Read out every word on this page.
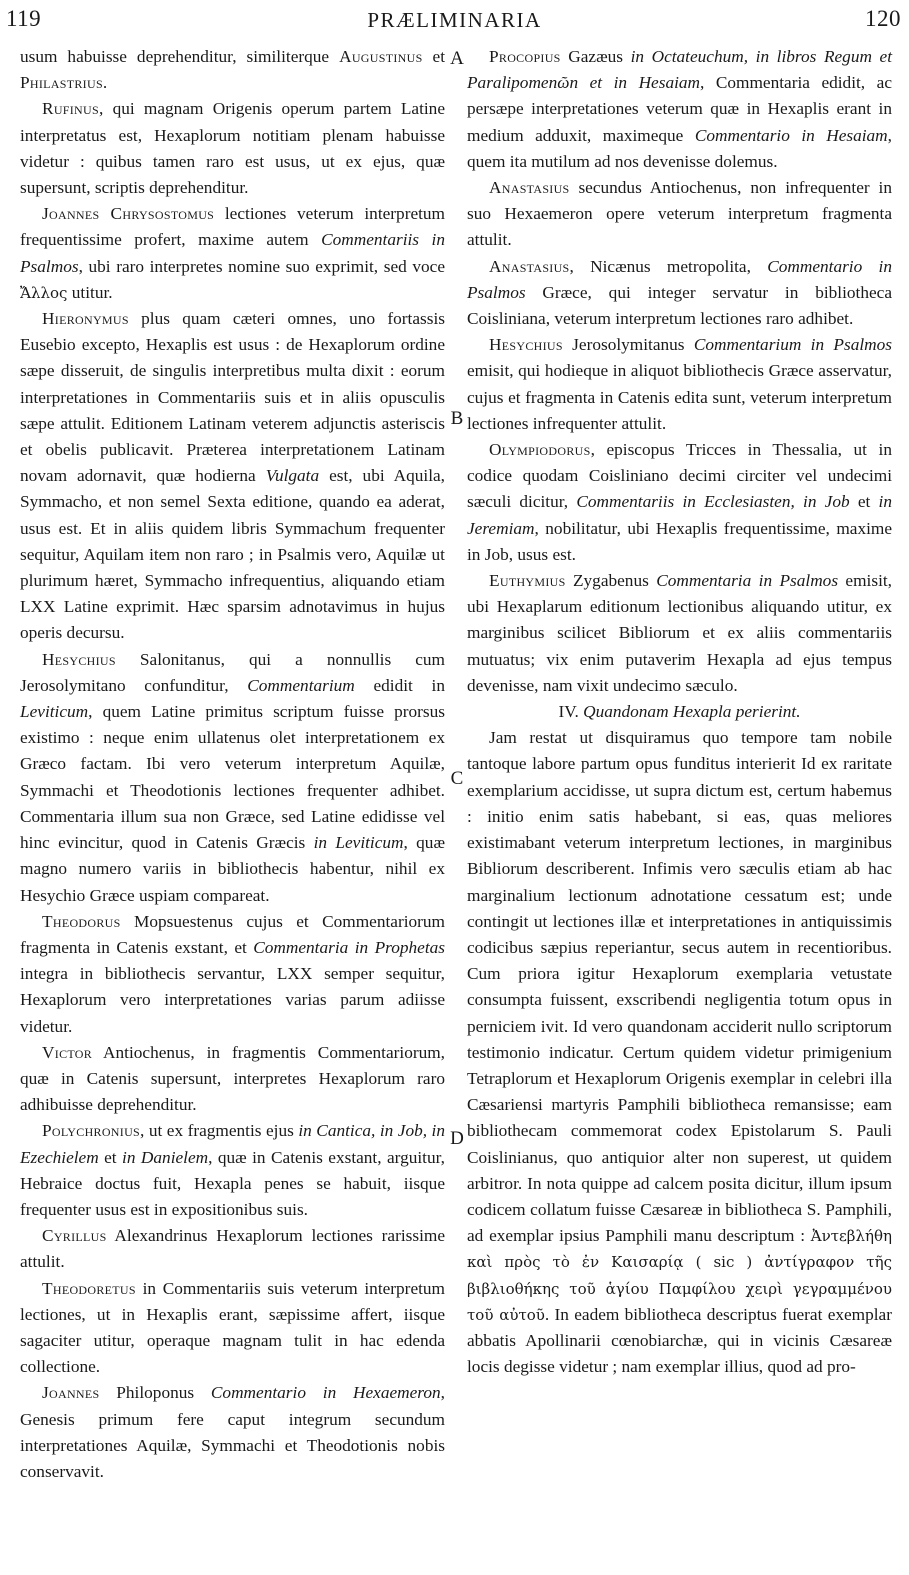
119	PRÆLIMINARIA	120
A
B
C
D

usum habuisse deprehenditur, similiterque Augustinus et Philastrius.

Rufinus, qui magnam Origenis operum partem Latine interpretatus est, Hexaplorum notitiam plenam habuisse videtur : quibus tamen raro est usus, ut ex ejus, quæ supersunt, scriptis deprehenditur.

Joannes Chrysostomus lectiones veterum interpretum frequentissime profert, maxime autem Commentariis in Psalmos, ubi raro interpretes nomine suo exprimit, sed voce Ἄλλος utitur.

Hieronymus plus quam cæteri omnes, uno fortassis Eusebio excepto, Hexaplis est usus : de Hexaplorum ordine sæpe disseruit, de singulis interpretibus multa dixit : eorum interpretationes in Commentariis suis et in aliis opusculis sæpe attulit. Editionem Latinam veterem adjunctis asteriscis et obelis publicavit. Præterea interpretationem Latinam novam adornavit, quæ hodierna Vulgata est, ubi Aquila, Symmacho, et non semel Sexta editione, quando ea aderat, usus est. Et in aliis quidem libris Symmachum frequenter sequitur, Aquilam item non raro ; in Psalmis vero, Aquilæ ut plurimum hæret, Symmacho infrequentius, aliquando etiam LXX Latine exprimit. Hæc sparsim adnotavimus in hujus operis decursu.

Hesychius Salonitanus, qui a nonnullis cum Jerosolymitano confunditur, Commentarium edidit in Leviticum, quem Latine primitus scriptum fuisse prorsus existimo : neque enim ullatenus olet interpretationem ex Græco factam. Ibi vero veterum interpretum Aquilæ, Symmachi et Theodotionis lectiones frequenter adhibet. Commentaria illum sua non Græce, sed Latine edidisse vel hinc evincitur, quod in Catenis Græcis in Leviticum, quæ magno numero variis in bibliothecis habentur, nihil ex Hesychio Græce uspiam compareat.

Theodorus Mopsuestenus cujus et Commentariorum fragmenta in Catenis exstant, et Commentaria in Prophetas integra in bibliothecis servantur, LXX semper sequitur, Hexaplorum vero interpretationes varias parum adiisse videtur.

Victor Antiochenus, in fragmentis Commentariorum, quæ in Catenis supersunt, interpretes Hexaplorum raro adhibuisse deprehenditur.

Polychronius, ut ex fragmentis ejus in Cantica, in Job, in Ezechielem et in Danielem, quæ in Catenis exstant, arguitur, Hebraice doctus fuit, Hexapla penes se habuit, iisque frequenter usus est in expositionibus suis.

Cyrillus Alexandrinus Hexaplorum lectiones rarissime attulit.

Theodoretus in Commentariis suis veterum interpretum lectiones, ut in Hexaplis erant, sæpissime affert, iisque sagaciter utitur, operaque magnam tulit in hac edenda collectione.

Joannes Philoponus Commentario in Hexaemeron, Genesis primum fere caput integrum secundum interpretationes Aquilæ, Symmachi et Theodotionis nobis conservavit.

Procopius Gazæus in Octateuchum, in libros Regum et Paralipomenῶn et in Hesaiam, Commentaria edidit, ac persæpe interpretationes veterum quæ in Hexaplis erant in medium adduxit, maximeque Commentario in Hesaiam, quem ita mutilum ad nos devenisse dolemus.

Anastasius secundus Antiochenus, non infrequenter in suo Hexaemeron opere veterum interpretum fragmenta attulit.

Anastasius, Nicænus metropolita, Commentario in Psalmos Græce, qui integer servatur in bibliotheca Coisliniana, veterum interpretum lectiones raro adhibet.

Hesychius Jerosolymitanus Commentarium in Psalmos emisit, qui hodieque in aliquot bibliothecis Græce asservatur, cujus et fragmenta in Catenis edita sunt, veterum interpretum lectiones infrequenter attulit.

Olympiodorus, episcopus Tricces in Thessalia, ut in codice quodam Coisliniano decimi circiter vel undecimi sæculi dicitur, Commentariis in Ecclesiasten, in Job et in Jeremiam, nobilitatur, ubi Hexaplis frequentissime, maxime in Job, usus est.

Euthymius Zygabenus Commentaria in Psalmos emisit, ubi Hexaplarum editionum lectionibus aliquando utitur, ex marginibus scilicet Bibliorum et ex aliis commentariis mutuatus; vix enim putaverim Hexapla ad ejus tempus devenisse, nam vixit undecimo sæculo.

IV. Quandonam Hexapla perierint.

Jam restat ut disquiramus quo tempore tam nobile tantoque labore partum opus funditus interierit Id ex raritate exemplarium accidisse, ut supra dictum est, certum habemus : initio enim satis habebant, si eas, quas meliores existimabant veterum interpretum lectiones, in marginibus Bibliorum describerent. Infimis vero sæculis etiam ab hac marginalium lectionum adnotatione cessatum est; unde contingit ut lectiones illæ et interpretationes in antiquissimis codicibus sæpius reperiantur, secus autem in recentioribus. Cum priora igitur Hexaplorum exemplaria vetustate consumpta fuissent, exscribendi negligentia totum opus in perniciem ivit. Id vero quandonam acciderit nullo scriptorum testimonio indicatur. Certum quidem videtur primigenium Tetraplorum et Hexaplorum Origenis exemplar in celebri illa Cæsariensi martyris Pamphili bibliotheca remansisse; eam bibliothecam commemorat codex Epistolarum S. Pauli Coislinianus, quo antiquior alter non superest, ut quidem arbitror. In nota quippe ad calcem posita dicitur, illum ipsum codicem collatum fuisse Cæsareæ in bibliotheca S. Pamphili, ad exemplar ipsius Pamphili manu descriptum : Ἀντεβλήθη καὶ πρὸς τὸ ἐν Καισαρίᾳ ( sic ) ἀντίγραφον τῆς βιβλιοθήκης τοῦ ἁγίου Παμφίλου χειρὶ γεγραμμένου τοῦ αὐτοῦ. In eadem bibliotheca descriptus fuerat exemplar abbatis Apollinarii cœnobiarchæ, qui in vicinis Cæsareæ locis degisse videtur ; nam exemplar illius, quod ad pro-
